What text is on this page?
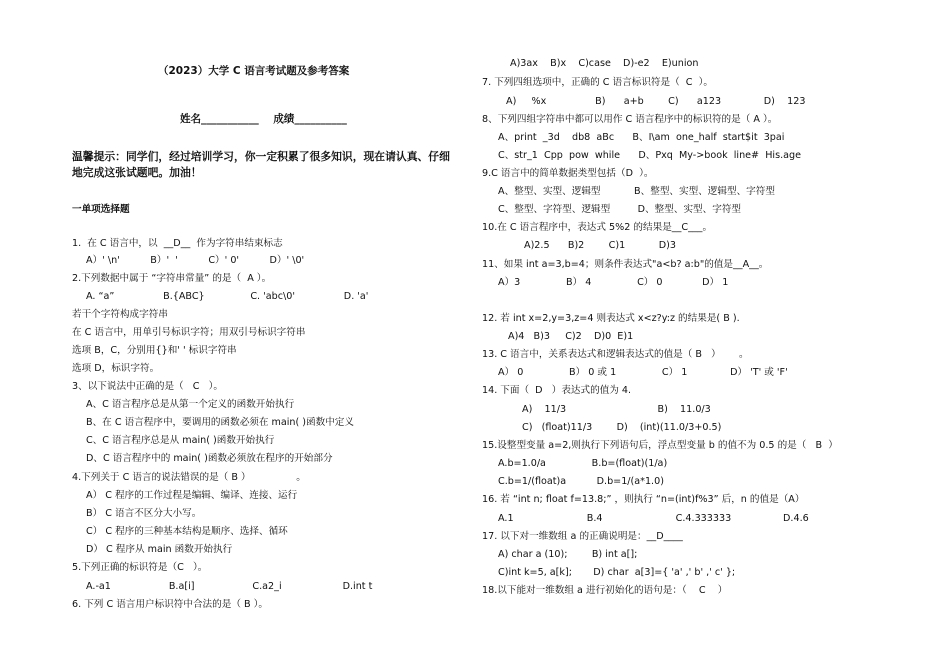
（2023）大学 C 语言考试题及参考答案
姓名___________    成绩__________
温馨提示：同学们，经过培训学习，你一定积累了很多知识，现在请认真、仔细
地完成这张试题吧。加油！
一单项选择题
1.  在 C 语言中，以  __D__  作为字符串结束标志
A）' \n'          B）'  '          C）' 0'          D）' \0'
2.下列数据中属于 “字符串常量” 的是（  A ）。
A. “a”                B.{ABC}               C. 'abc\0'                D. 'a'
若干个字符构成字符串
在 C 语言中，用单引号标识字符；用双引号标识字符串
选项 B，C，分别用{}和' ' 标识字符串
选项 D，标识字符。
3、以下说法中正确的是（   C   ）。
A、C 语言程序总是从第一个定义的函数开始执行
B、在 C 语言程序中，要调用的函数必须在 main( )函数中定义
C、C 语言程序总是从 main( )函数开始执行
D、C 语言程序中的 main( )函数必须放在程序的开始部分
4.下列关于 C 语言的说法错误的是（ B ）               。
A） C 程序的工作过程是编辑、编译、连接、运行
B） C 语言不区分大小写。
C） C 程序的三种基本结构是顺序、选择、循环
D） C 程序从 main 函数开始执行
5.下列正确的标识符是（C   ）。
A.-a1                   B.a[i]                   C.a2_i                    D.int t
6. 下列 C 语言用户标识符中合法的是（ B ）。
A)3ax    B)x    C)case    D)-e2    E)union
7. 下列四组选项中，正确的 C 语言标识符是（  C  ）。
A)     %x                B)      a+b        C)      a123              D)    123
8、下列四组字符串中都可以用作 C 语言程序中的标识符的是（ A ）。
A、print  _3d    db8  aBc      B、I\am  one_half  start$it  3pai
C、str_1  Cpp  pow  while      D、Pxq  My->book  line#  His.age
9.C 语言中的简单数据类型包括（D  ）。
A、整型、实型、逻辑型           B、整型、实型、逻辑型、字符型
C、整型、字符型、逻辑型         D、整型、实型、字符型
10.在 C 语言程序中，表达式 5%2 的结果是__C___。
A)2.5      B)2        C)1           D)3
11、如果 int a=3,b=4；则条件表达式"a<b? a:b"的值是__A__。
A）3               B） 4               C） 0             D） 1
12. 若 int x=2,y=3,z=4 则表达式 x<z?y:z 的结果是( B ).
A)4   B)3     C)2    D)0  E)1
13. C 语言中，关系表达式和逻辑表达式的值是（ B   ）      。
A） 0               B） 0 或 1               C） 1              D） 'T' 或 'F'
14. 下面（  D   ）表达式的值为 4.
A)    11/3                              B)    11.0/3
C)   (float)11/3        D)    (int)(11.0/3+0.5)
15.设整型变量 a=2,则执行下列语句后，浮点型变量 b 的值不为 0.5 的是（   B  ）
A.b=1.0/a               B.b=(float)(1/a)
C.b=1/(float)a          D.b=1/(a*1.0)
16. 若 “int n; float f=13.8;” ，则执行 “n=(int)f%3” 后，n 的值是（A）
A.1                        B.4                        C.4.333333                 D.4.6
17. 以下对一维数组 a 的正确说明是：__D____
A) char a (10);        B) int a[];
C)int k=5, a[k];       D) char  a[3]={ 'a' ,' b' ,' c' };
18.以下能对一维数组 a 进行初始化的语句是：（    C    ）
